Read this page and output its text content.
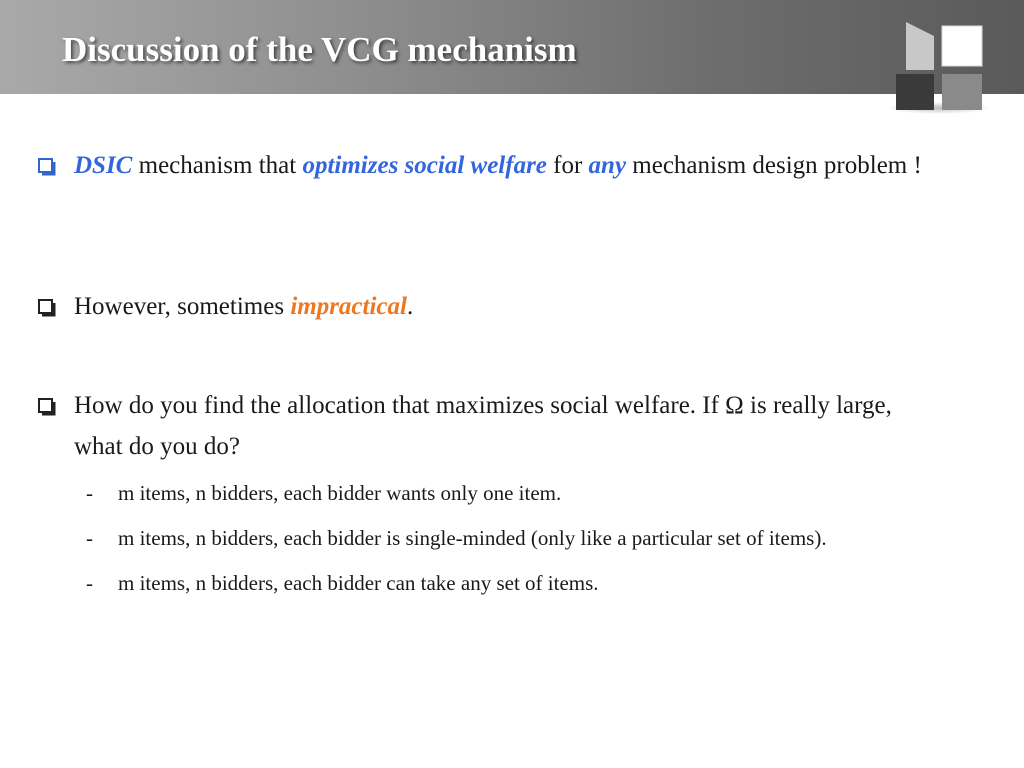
Discussion of the VCG mechanism
DSIC mechanism that optimizes social welfare for any mechanism design problem !
However, sometimes impractical.
How do you find the allocation that maximizes social welfare. If Ω is really large, what do you do?
- m items, n bidders, each bidder wants only one item.
- m items, n bidders, each bidder is single-minded (only like a particular set of items).
- m items, n bidders, each bidder can take any set of items.
